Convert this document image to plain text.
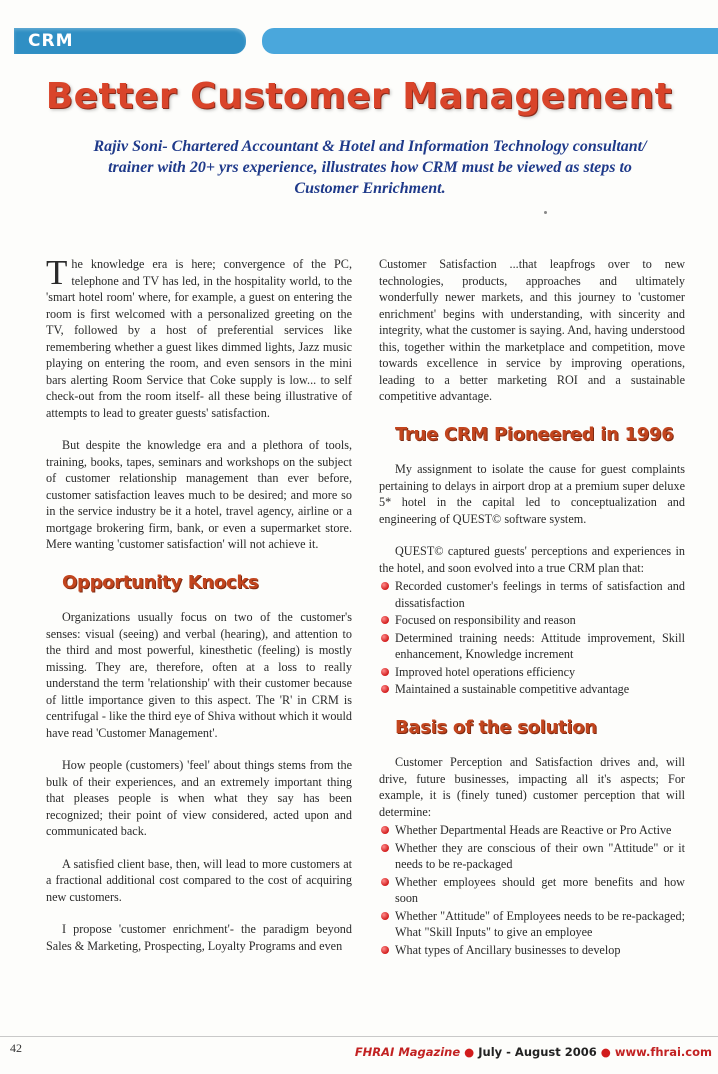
CRM
Better Customer Management
Rajiv Soni- Chartered Accountant & Hotel and Information Technology consultant/ trainer with 20+ yrs experience, illustrates how CRM must be viewed as steps to Customer Enrichment.

T he knowledge era is here; convergence of the PC, telephone and TV has led, in the hospitality world, to the 'smart hotel room' where, for example, a guest on entering the room is first welcomed with a personalized greeting on the TV, followed by a host of preferential services like remembering whether a guest likes dimmed lights, Jazz music playing on entering the room, and even sensors in the mini bars alerting Room Service that Coke supply is low... to self check-out from the room itself- all these being illustrative of attempts to lead to greater guests' satisfaction.

But despite the knowledge era and a plethora of tools, training, books, tapes, seminars and workshops on the subject of customer relationship management than ever before, customer satisfaction leaves much to be desired; and more so in the service industry be it a hotel, travel agency, airline or a mortgage brokering firm, bank, or even a supermarket store. Mere wanting 'customer satisfaction' will not achieve it.

Opportunity Knocks

Organizations usually focus on two of the customer's senses: visual (seeing) and verbal (hearing), and attention to the third and most powerful, kinesthetic (feeling) is mostly missing. They are, therefore, often at a loss to really understand the term 'relationship' with their customer because of little importance given to this aspect. The 'R' in CRM is centrifugal - like the third eye of Shiva without which it would have read 'Customer Management'.

How people (customers) 'feel' about things stems from the bulk of their experiences, and an extremely important thing that pleases people is when what they say has been recognized; their point of view considered, acted upon and communicated back.

A satisfied client base, then, will lead to more customers at a fractional additional cost compared to the cost of acquiring new customers.

I propose 'customer enrichment'- the paradigm beyond Sales & Marketing, Prospecting, Loyalty Programs and even

Customer Satisfaction ...that leapfrogs over to new technologies, products, approaches and ultimately wonderfully newer markets, and this journey to 'customer enrichment' begins with understanding, with sincerity and integrity, what the customer is saying. And, having understood this, together within the marketplace and competition, move towards excellence in service by improving operations, leading to a better marketing ROI and a sustainable competitive advantage.

True CRM Pioneered in 1996

My assignment to isolate the cause for guest complaints pertaining to delays in airport drop at a premium super deluxe 5* hotel in the capital led to conceptualization and engineering of QUEST© software system.

QUEST© captured guests' perceptions and experiences in the hotel, and soon evolved into a true CRM plan that:

Recorded customer's feelings in terms of satisfaction and dissatisfaction
Focused on responsibility and reason
Determined training needs: Attitude improvement, Skill enhancement, Knowledge increment
Improved hotel operations efficiency
Maintained a sustainable competitive advantage
Basis of the solution

Customer Perception and Satisfaction drives and, will drive, future businesses, impacting all it's aspects; For example, it is (finely tuned) customer perception that will determine:

Whether Departmental Heads are Reactive or Pro Active
Whether they are conscious of their own "Attitude" or it needs to be re-packaged
Whether employees should get more benefits and how soon
Whether "Attitude" of Employees needs to be re-packaged; What "Skill Inputs" to give an employee
What types of Ancillary businesses to develop
42	FHRAI Magazine ● July - August 2006 ● www.fhrai.com
